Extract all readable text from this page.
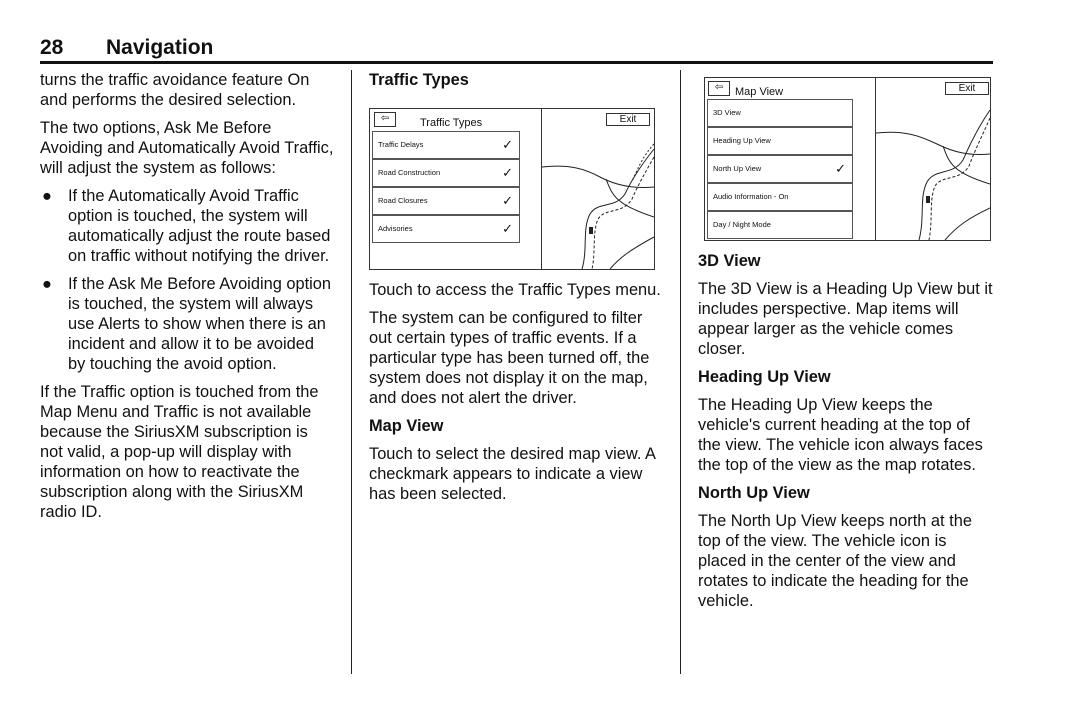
28 Navigation

turns the traffic avoidance feature On and performs the desired selection.

The two options, Ask Me Before Avoiding and Automatically Avoid Traffic, will adjust the system as follows:

● If the Automatically Avoid Traffic option is touched, the system will automatically adjust the route based on traffic without notifying the driver.
● If the Ask Me Before Avoiding option is touched, the system will always use Alerts to show when there is an incident and allow it to be avoided by touching the avoid option.

If the Traffic option is touched from the Map Menu and Traffic is not available because the SiriusXM subscription is not valid, a pop-up will display with information on how to reactivate the subscription along with the SiriusXM radio ID.

Traffic Types
⇦	Traffic Types
Traffic Delays	✓
Road Construction	✓
Road Closures	✓
Advisories	✓
Exit

Touch to access the Traffic Types menu.

The system can be configured to filter out certain types of traffic events. If a particular type has been turned off, the system does not display it on the map, and does not alert the driver.

Map View

Touch to select the desired map view. A checkmark appears to indicate a view has been selected.

⇦	Map View
3D View
Heading Up View
North Up View	✓
Audio Information - On
Day / Night Mode
Exit
3D View

The 3D View is a Heading Up View but it includes perspective. Map items will appear larger as the vehicle comes closer.

Heading Up View

The Heading Up View keeps the vehicle's current heading at the top of the view. The vehicle icon always faces the top of the view as the map rotates.

North Up View

The North Up View keeps north at the top of the view. The vehicle icon is placed in the center of the view and rotates to indicate the heading for the vehicle.
